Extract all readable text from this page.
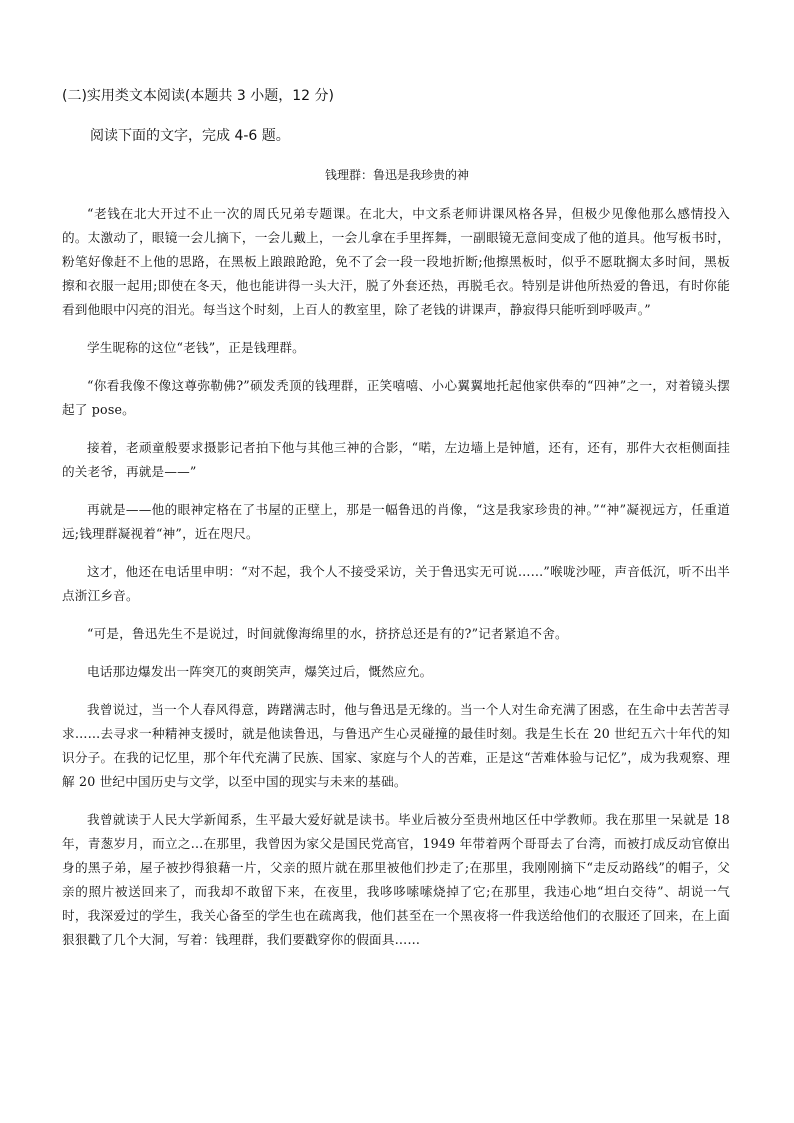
(二)实用类文本阅读(本题共 3 小题，12 分)
阅读下面的文字，完成 4-6 题。
钱理群：鲁迅是我珍贵的神

“老钱在北大开过不止一次的周氏兄弟专题课。在北大，中文系老师讲课风格各异，但极少见像他那么感情投入的。太激动了，眼镜一会儿摘下，一会儿戴上，一会儿拿在手里挥舞，一副眼镜无意间变成了他的道具。他写板书时，粉笔好像赶不上他的思路，在黑板上踉踉跄跄，免不了会一段一段地折断;他擦黑板时，似乎不愿耽搁太多时间，黑板擦和衣服一起用;即使在冬天，他也能讲得一头大汗，脱了外套还热，再脱毛衣。特别是讲他所热爱的鲁迅，有时你能看到他眼中闪亮的泪光。每当这个时刻，上百人的教室里，除了老钱的讲课声，静寂得只能听到呼吸声。”

学生昵称的这位“老钱”，正是钱理群。

“你看我像不像这尊弥勒佛?”硕发秃顶的钱理群，正笑嘻嘻、小心翼翼地托起他家供奉的“四神”之一，对着镜头摆起了 pose。

接着，老顽童般要求摄影记者拍下他与其他三神的合影，“喏，左边墙上是钟馗，还有，还有，那件大衣柜侧面挂的关老爷，再就是——”

再就是——他的眼神定格在了书屋的正壁上，那是一幅鲁迅的肖像，“这是我家珍贵的神。”“神”凝视远方，任重道远;钱理群凝视着“神”，近在咫尺。

这才，他还在电话里申明：“对不起，我个人不接受采访，关于鲁迅实无可说……”喉咙沙哑，声音低沉，听不出半点浙江乡音。

“可是，鲁迅先生不是说过，时间就像海绵里的水，挤挤总还是有的?”记者紧追不舍。

电话那边爆发出一阵突兀的爽朗笑声，爆笑过后，慨然应允。

我曾说过，当一个人春风得意，踌躇满志时，他与鲁迅是无缘的。当一个人对生命充满了困惑，在生命中去苦苦寻求……去寻求一种精神支援时，就是他读鲁迅，与鲁迅产生心灵碰撞的最佳时刻。我是生长在 20 世纪五六十年代的知识分子。在我的记忆里，那个年代充满了民族、国家、家庭与个人的苦难，正是这“苦难体验与记忆”，成为我观察、理解 20 世纪中国历史与文学，以至中国的现实与未来的基础。

我曾就读于人民大学新闻系，生平最大爱好就是读书。毕业后被分至贵州地区任中学教师。我在那里一呆就是 18 年，青葱岁月，而立之...在那里，我曾因为家父是国民党高官，1949 年带着两个哥哥去了台湾，而被打成反动官僚出身的黑子弟，屋子被抄得狼藉一片，父亲的照片就在那里被他们抄走了;在那里，我刚刚摘下“走反动路线”的帽子，父亲的照片被送回来了，而我却不敢留下来，在夜里，我哆哆嗦嗦烧掉了它;在那里，我违心地“坦白交待”、胡说一气时，我深爱过的学生，我关心备至的学生也在疏离我，他们甚至在一个黑夜将一件我送给他们的衣服还了回来，在上面狠狠戳了几个大洞，写着：钱理群，我们要戳穿你的假面具……
